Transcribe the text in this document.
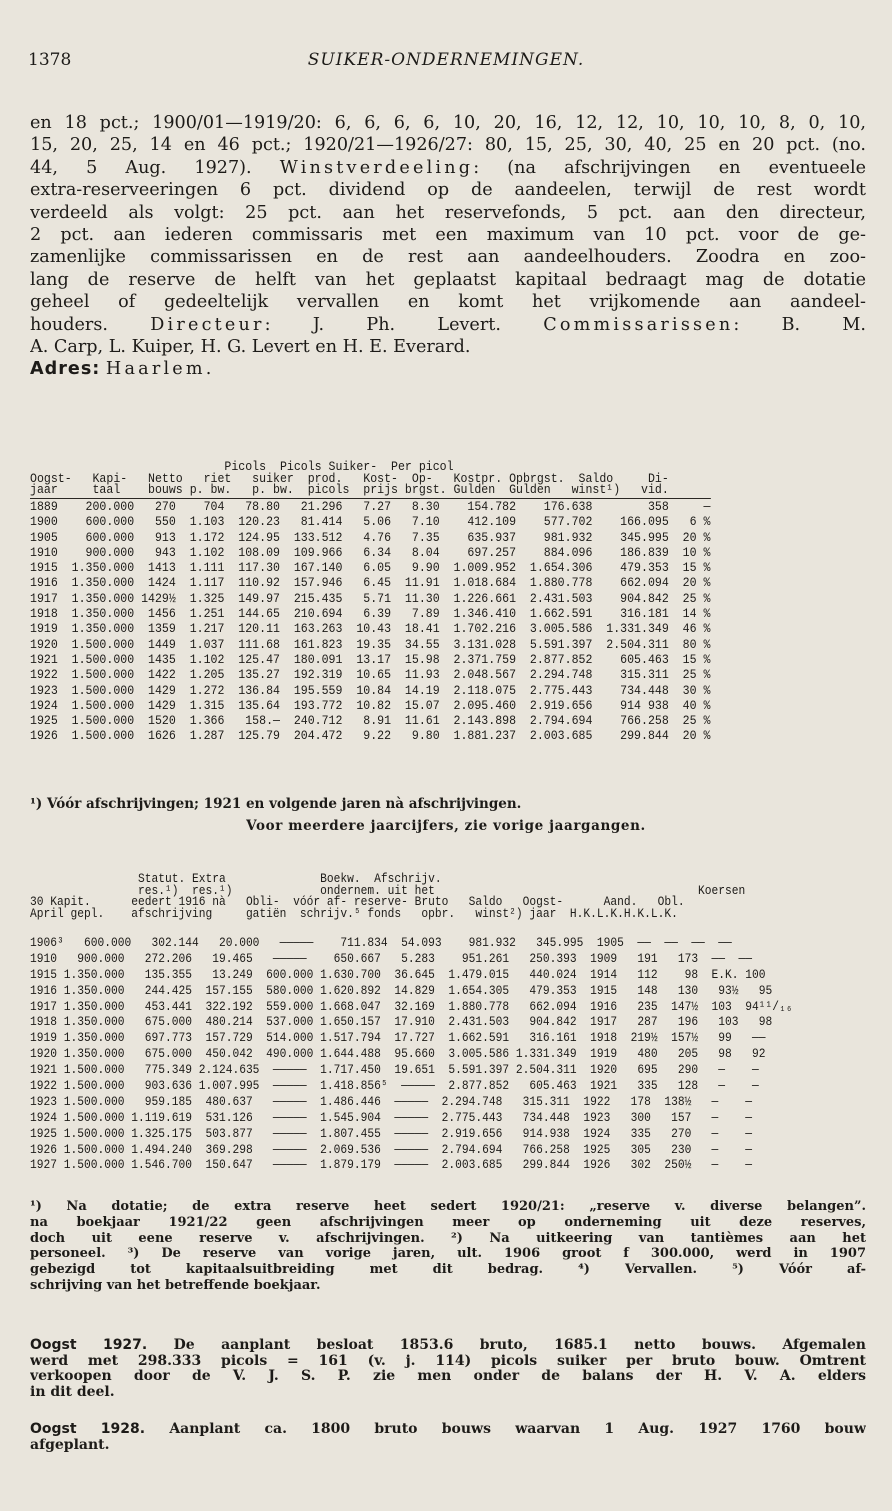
1378	SUIKER-ONDERNEMINGEN.
en 18 pct.; 1900/01—1919/20: 6, 6, 6, 6, 10, 20, 16, 12, 12, 10, 10, 10, 8, 0, 10,
15, 20, 25, 14 en 46 pct.; 1920/21—1926/27: 80, 15, 25, 30, 40, 25 en 20 pct. (no.
44, 5 Aug. 1927). Winstverdeeling: (na afschrijvingen en eventueele
extra-reserveeringen 6 pct. dividend op de aandeelen, terwijl de rest wordt
verdeeld als volgt: 25 pct. aan het reservefonds, 5 pct. aan den directeur,
2 pct. aan iederen commissaris met een maximum van 10 pct. voor de ge-
zamenlijke commissarissen en de rest aan aandeelhouders. Zoodra en zoo-
lang de reserve de helft van het geplaatst kapitaal bedraagt mag de dotatie
geheel of gedeeltelijk vervallen en komt het vrijkomende aan aandeel-
houders. Directeur: J. Ph. Levert. Commissarissen: B. M.
A. Carp, L. Kuiper, H. G. Levert en H. E. Everard.
Adres: Haarlem.
Picols  Picols Suiker-  Per picol
Oogst-   Kapi-   Netto   riet   suiker  prod.   Kost-  Op-   Kostpr. Opbrgst.  Saldo     Di-
jaar     taal    bouws p. bw.   p. bw.  picols  prijs brgst. Gulden  Gulden   winst¹)   vid.
1889    200.000   270    704   78.80   21.296   7.27   8.30    154.782    176.638        358     —
1900    600.000   550  1.103  120.23   81.414   5.06   7.10    412.109    577.702    166.095   6 %
1905    600.000   913  1.172  124.95  133.512   4.76   7.35    635.937    981.932    345.995  20 %
1910    900.000   943  1.102  108.09  109.966   6.34   8.04    697.257    884.096    186.839  10 %
1915  1.350.000  1413  1.111  117.30  167.140   6.05   9.90  1.009.952  1.654.306    479.353  15 %
1916  1.350.000  1424  1.117  110.92  157.946   6.45  11.91  1.018.684  1.880.778    662.094  20 %
1917  1.350.000 1429½  1.325  149.97  215.435   5.71  11.30  1.226.661  2.431.503    904.842  25 %
1918  1.350.000  1456  1.251  144.65  210.694   6.39   7.89  1.346.410  1.662.591    316.181  14 %
1919  1.350.000  1359  1.217  120.11  163.263  10.43  18.41  1.702.216  3.005.586  1.331.349  46 %
1920  1.500.000  1449  1.037  111.68  161.823  19.35  34.55  3.131.028  5.591.397  2.504.311  80 %
1921  1.500.000  1435  1.102  125.47  180.091  13.17  15.98  2.371.759  2.877.852    605.463  15 %
1922  1.500.000  1422  1.205  135.27  192.319  10.65  11.93  2.048.567  2.294.748    315.311  25 %
1923  1.500.000  1429  1.272  136.84  195.559  10.84  14.19  2.118.075  2.775.443    734.448  30 %
1924  1.500.000  1429  1.315  135.64  193.772  10.82  15.07  2.095.460  2.919.656    914 938  40 %
1925  1.500.000  1520  1.366   158.—  240.712   8.91  11.61  2.143.898  2.794.694    766.258  25 %
1926  1.500.000  1626  1.287  125.79  204.472   9.22   9.80  1.881.237  2.003.685    299.844  20 %
¹) Vóór afschrijvingen; 1921 en volgende jaren nà afschrijvingen.
Voor meerdere jaarcijfers, zie vorige jaargangen.
Statut. Extra              Boekw.  Afschrijv.
res.¹)  res.¹)             ondernem. uit het                                       Koersen
30 Kapit.      eedert 1916 nà   Obli-  vóór af- reserve- Bruto   Saldo   Oogst-      Aand.   Obl.
April gepl.    afschrijving     gatiën  schrijv.⁵ fonds   opbr.   winst²) jaar  H.K.L.K.H.K.L.K.
1906³   600.000   302.144   20.000   —————    711.834  54.093    981.932   345.995  1905  ——  ——  ——  ——
1910   900.000   272.206   19.465   —————    650.667   5.283    951.261   250.393  1909   191   173  ——  ——
1915 1.350.000   135.355   13.249  600.000 1.630.700  36.645  1.479.015   440.024  1914   112    98  E.K. 100
1916 1.350.000   244.425  157.155  580.000 1.620.892  14.829  1.654.305   479.353  1915   148   130   93½   95
1917 1.350.000   453.441  322.192  559.000 1.668.047  32.169  1.880.778   662.094  1916   235  147½  103  94¹¹/₁₆
1918 1.350.000   675.000  480.214  537.000 1.650.157  17.910  2.431.503   904.842  1917   287   196   103   98
1919 1.350.000   697.773  157.729  514.000 1.517.794  17.727  1.662.591   316.161  1918  219½  157½   99   ——
1920 1.350.000   675.000  450.042  490.000 1.644.488  95.660  3.005.586 1.331.349  1919   480   205   98   92
1921 1.500.000   775.349 2.124.635  —————  1.717.450  19.651  5.591.397 2.504.311  1920   695   290   —    —
1922 1.500.000   903.636 1.007.995  —————  1.418.856⁵  —————  2.877.852   605.463  1921   335   128   —    —
1923 1.500.000   959.185  480.637   —————  1.486.446  —————  2.294.748   315.311  1922   178  138½   —    —
1924 1.500.000 1.119.619  531.126   —————  1.545.904  —————  2.775.443   734.448  1923   300   157   —    —
1925 1.500.000 1.325.175  503.877   —————  1.807.455  —————  2.919.656   914.938  1924   335   270   —    —
1926 1.500.000 1.494.240  369.298   —————  2.069.536  —————  2.794.694   766.258  1925   305   230   —    —
1927 1.500.000 1.546.700  150.647   —————  1.879.179  —————  2.003.685   299.844  1926   302  250½   —    —
¹) Na dotatie; de extra reserve heet sedert 1920/21: „reserve v. diverse belangen”.
na boekjaar 1921/22 geen afschrijvingen meer op onderneming uit deze reserves,
doch uit eene reserve v. afschrijvingen. ²) Na uitkeering van tantièmes aan het
personeel. ³) De reserve van vorige jaren, ult. 1906 groot f 300.000, werd in 1907
gebezigd tot kapitaalsuitbreiding met dit bedrag. ⁴) Vervallen. ⁵) Vóór af-
schrijving van het betreffende boekjaar.
Oogst 1927. De aanplant besloat 1853.6 bruto, 1685.1 netto bouws. Afgemalen
werd met 298.333 picols = 161 (v. j. 114) picols suiker per bruto bouw. Omtrent
verkoopen door de V. J. S. P. zie men onder de balans der H. V. A. elders
in dit deel.
Oogst 1928. Aanplant ca. 1800 bruto bouws waarvan 1 Aug. 1927 1760 bouw
afgeplant.
